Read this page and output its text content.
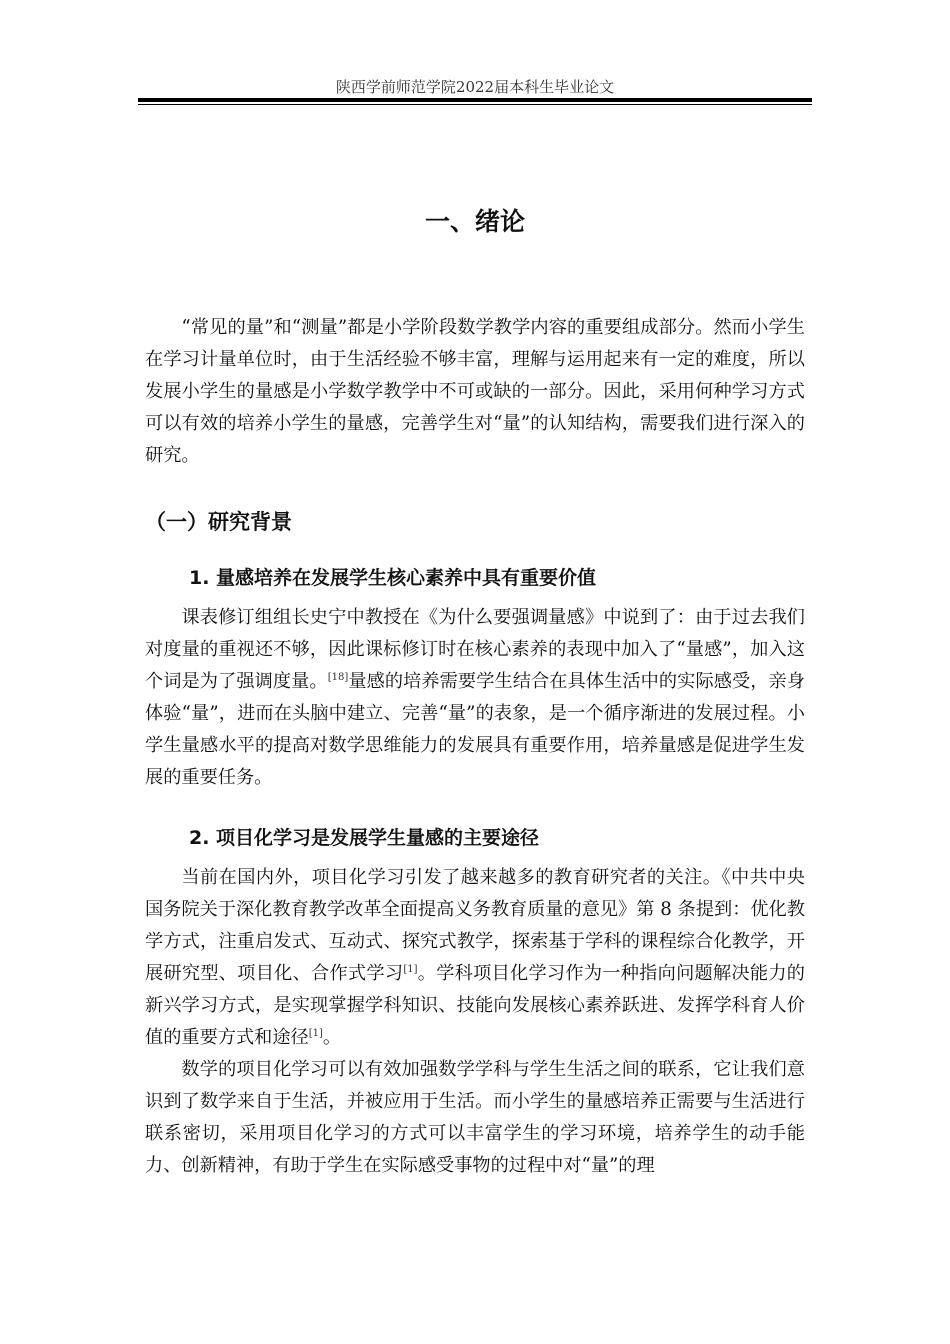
陕西学前师范学院2022届本科生毕业论文
一、绪论

“常见的量”和“测量”都是小学阶段数学教学内容的重要组成部分。然而小学生在学习计量单位时，由于生活经验不够丰富，理解与运用起来有一定的难度，所以发展小学生的量感是小学数学教学中不可或缺的一部分。因此，采用何种学习方式可以有效的培养小学生的量感，完善学生对“量”的认知结构，需要我们进行深入的研究。

（一）研究背景
1. 量感培养在发展学生核心素养中具有重要价值

课表修订组组长史宁中教授在《为什么要强调量感》中说到了：由于过去我们对度量的重视还不够，因此课标修订时在核心素养的表现中加入了“量感”，加入这个词是为了强调度量。[18]量感的培养需要学生结合在具体生活中的实际感受，亲身体验“量”，进而在头脑中建立、完善“量”的表象，是一个循序渐进的发展过程。小学生量感水平的提高对数学思维能力的发展具有重要作用，培养量感是促进学生发展的重要任务。

2. 项目化学习是发展学生量感的主要途径

当前在国内外，项目化学习引发了越来越多的教育研究者的关注。《中共中央国务院关于深化教育教学改革全面提高义务教育质量的意见》第 8 条提到：优化教学方式，注重启发式、互动式、探究式教学，探索基于学科的课程综合化教学，开展研究型、项目化、合作式学习[1]。学科项目化学习作为一种指向问题解决能力的新兴学习方式，是实现掌握学科知识、技能向发展核心素养跃进、发挥学科育人价值的重要方式和途径[1]。

数学的项目化学习可以有效加强数学学科与学生生活之间的联系，它让我们意识到了数学来自于生活，并被应用于生活。而小学生的量感培养正需要与生活进行联系密切，采用项目化学习的方式可以丰富学生的学习环境，培养学生的动手能力、创新精神，有助于学生在实际感受事物的过程中对“量”的理
